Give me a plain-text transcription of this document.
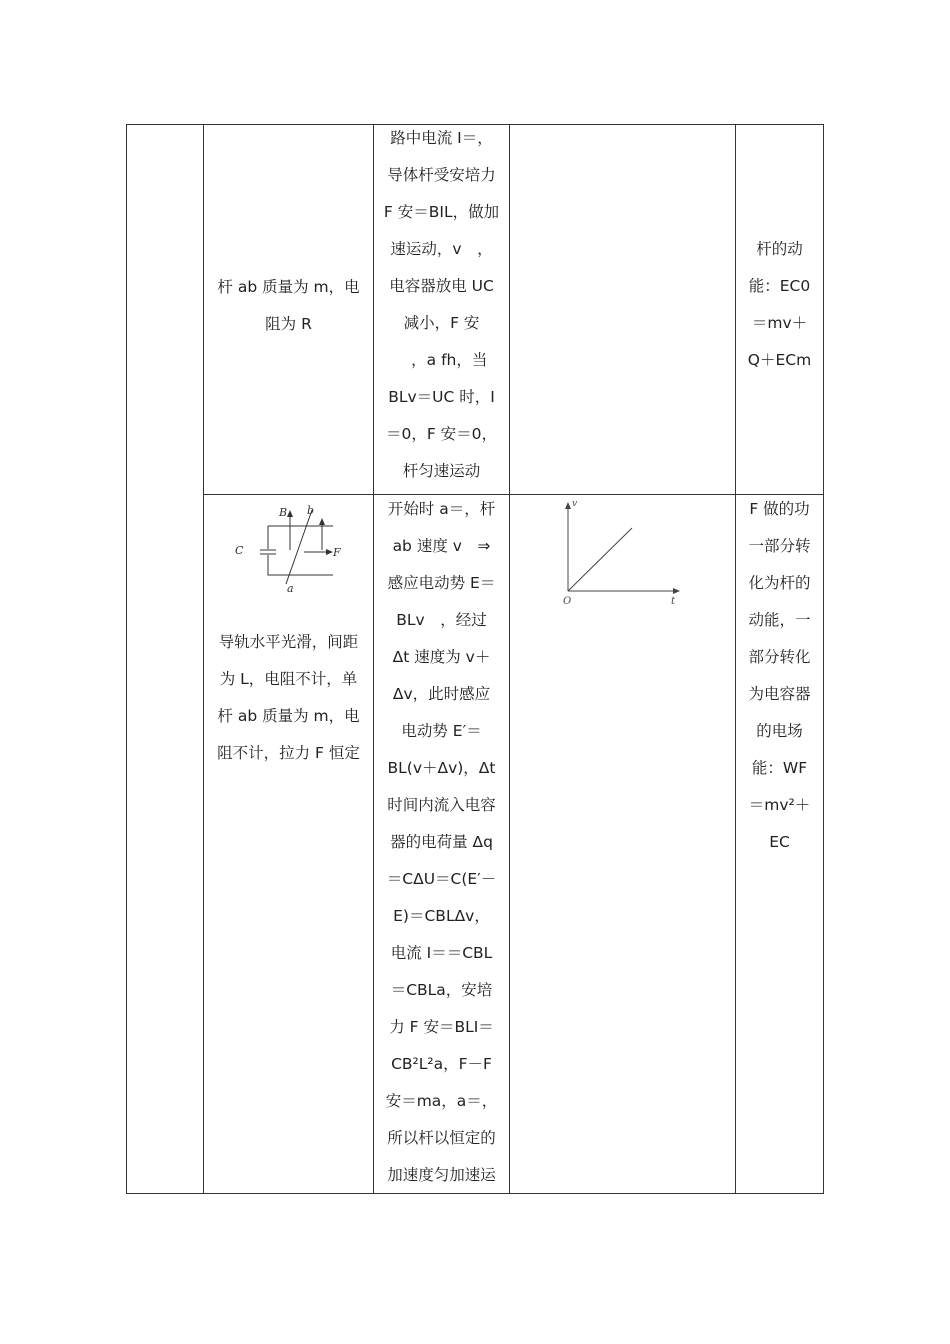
杆 ab 质量为 m，电
阻为 R
路中电流 I＝，
导体杆受安培力
F 安＝BIL，做加
速运动，v　，
电容器放电 UC
减小，F 安
　，a fh，当
BLv＝UC 时，I
＝0，F 安＝0，
杆匀速运动
杆的动
能：EC0
＝mv＋
Q＋ECm
B b
C	F
a
导轨水平光滑，间距
为 L，电阻不计，单
杆 ab 质量为 m，电
阻不计，拉力 F 恒定
开始时 a＝，杆
ab 速度 v　⇒
感应电动势 E＝
BLv　，经过
Δt 速度为 v＋
Δv，此时感应
电动势 E′＝
BL(v＋Δv)，Δt
时间内流入电容
器的电荷量 Δq
＝CΔU＝C(E′－
E)＝CBLΔv，
电流 I＝＝CBL
＝CBLa，安培
力 F 安＝BLI＝
CB²L²a，F－F
安＝ma，a＝，
所以杆以恒定的
加速度匀加速运
v
O	t
F 做的功
一部分转
化为杆的
动能，一
部分转化
为电容器
的电场
能：WF
＝mv²＋
EC
